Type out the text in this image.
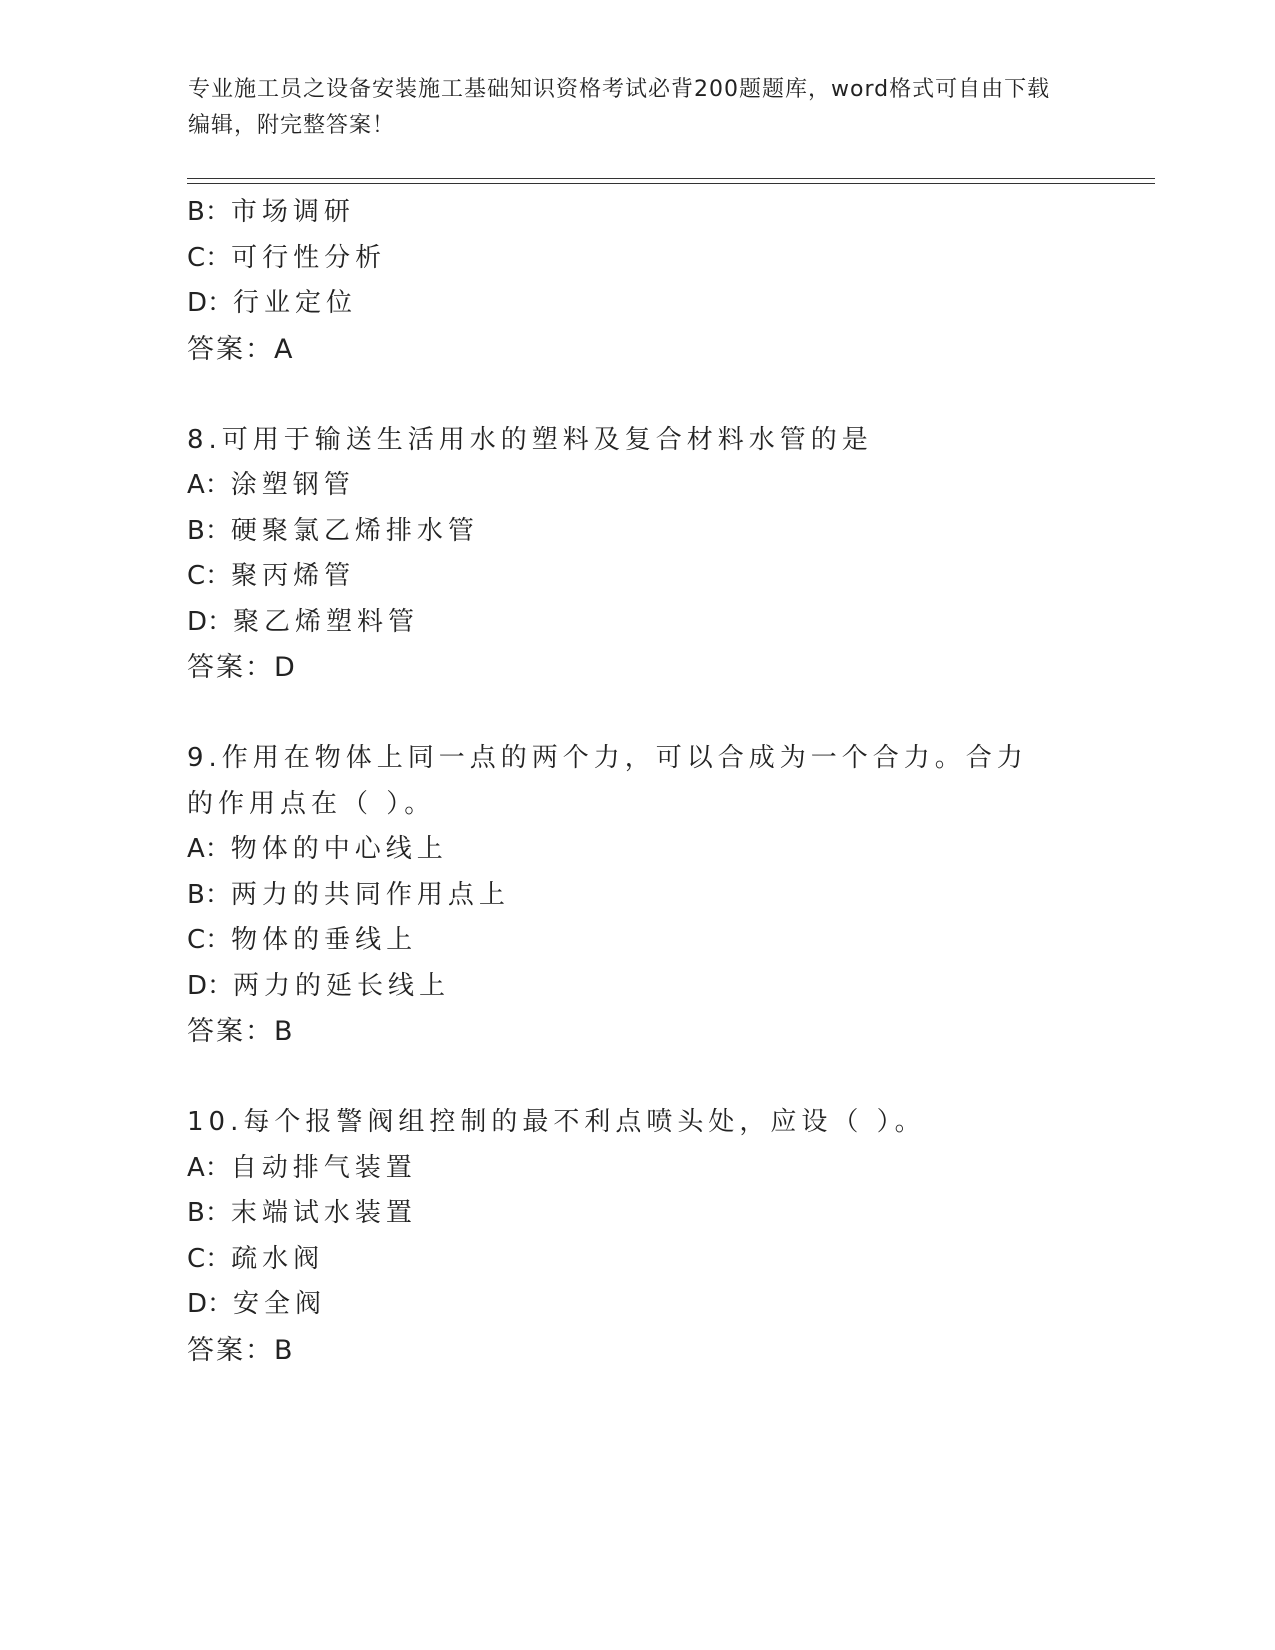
专业施工员之设备安装施工基础知识资格考试必背200题题库，word格式可自由下载编辑，附完整答案！
B：市场调研
C：可行性分析
D：行业定位
答案：A
8.可用于输送生活用水的塑料及复合材料水管的是
A：涂塑钢管
B：硬聚氯乙烯排水管
C：聚丙烯管
D：聚乙烯塑料管
答案：D
9.作用在物体上同一点的两个力，可以合成为一个合力。合力的作用点在（ ）。
A：物体的中心线上
B：两力的共同作用点上
C：物体的垂线上
D：两力的延长线上
答案：B
10.每个报警阀组控制的最不利点喷头处，应设（ ）。
A：自动排气装置
B：末端试水装置
C：疏水阀
D：安全阀
答案：B
